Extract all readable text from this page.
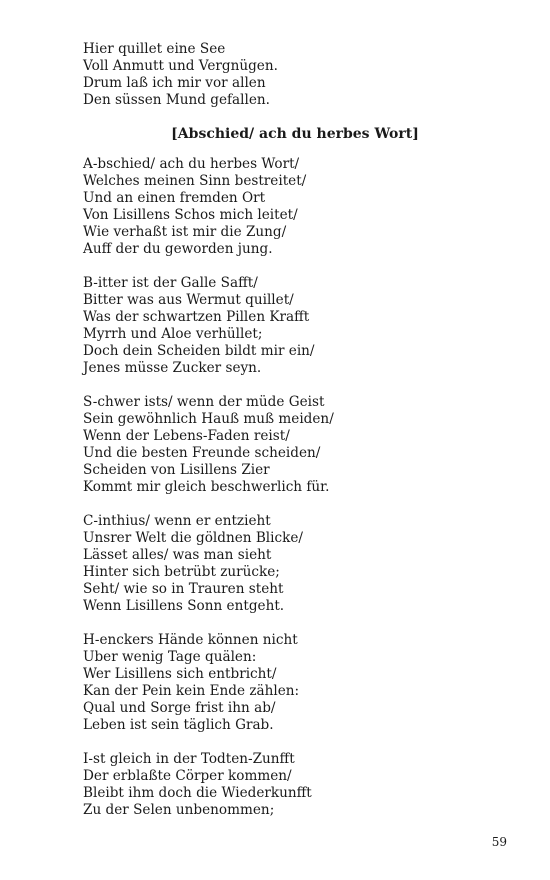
Hier quillet eine See
Voll Anmutt und Vergnügen.
Drum laß ich mir vor allen
Den süssen Mund gefallen.
[Abschied/ ach du herbes Wort]
A-bschied/ ach du herbes Wort/
Welches meinen Sinn bestreitet/
Und an einen fremden Ort
Von Lisillens Schos mich leitet/
Wie verhaßt ist mir die Zung/
Auff der du geworden jung.
B-itter ist der Galle Safft/
Bitter was aus Wermut quillet/
Was der schwartzen Pillen Krafft
Myrrh und Aloe verhüllet;
Doch dein Scheiden bildt mir ein/
Jenes müsse Zucker seyn.
S-chwer ists/ wenn der müde Geist
Sein gewöhnlich Hauß muß meiden/
Wenn der Lebens-Faden reist/
Und die besten Freunde scheiden/
Scheiden von Lisillens Zier
Kommt mir gleich beschwerlich für.
C-inthius/ wenn er entzieht
Unsrer Welt die göldnen Blicke/
Lässet alles/ was man sieht
Hinter sich betrübt zurücke;
Seht/ wie so in Trauren steht
Wenn Lisillens Sonn entgeht.
H-enckers Hände können nicht
Uber wenig Tage quälen:
Wer Lisillens sich entbricht/
Kan der Pein kein Ende zählen:
Qual und Sorge frist ihn ab/
Leben ist sein täglich Grab.
I-st gleich in der Todten-Zunfft
Der erblaßte Cörper kommen/
Bleibt ihm doch die Wiederkunfft
Zu der Selen unbenommen;
59
